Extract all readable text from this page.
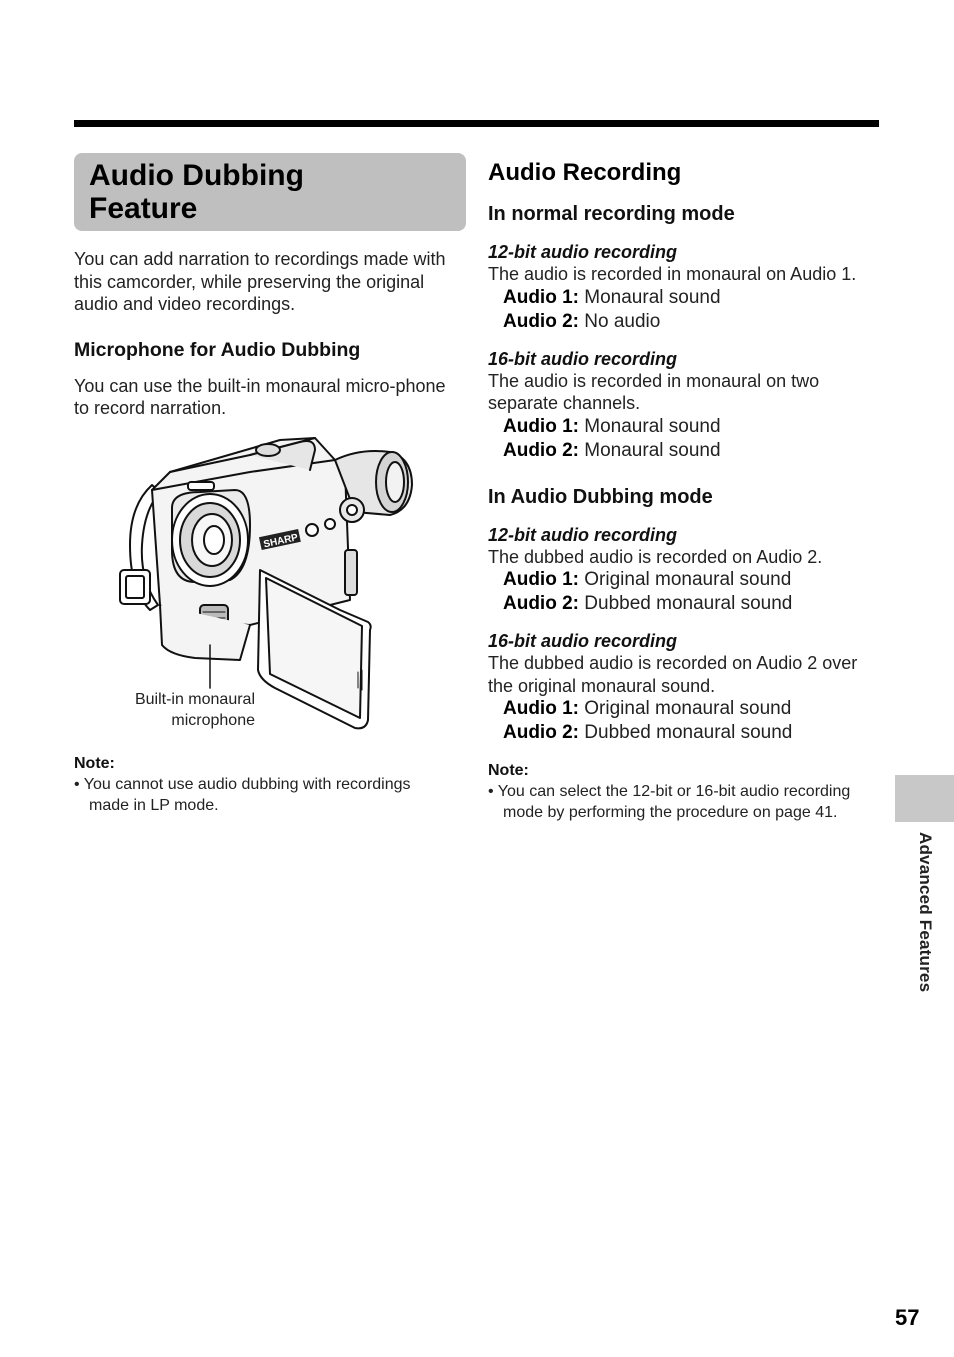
Audio Dubbing Feature

You can add narration to recordings made with this camcorder, while preserving the original audio and video recordings.

Microphone for Audio Dubbing

You can use the built-in monaural micro-phone to record narration.

SHARP
Built-in monaural
microphone

Note:

• You cannot use audio dubbing with recordings made in LP mode.

Audio Recording

In normal recording mode

12-bit audio recording

The audio is recorded in monaural on Audio 1.

Audio 1: Monaural sound

Audio 2: No audio

16-bit audio recording

The audio is recorded in monaural on two separate channels.

Audio 1: Monaural sound

Audio 2: Monaural sound

In Audio Dubbing mode

12-bit audio recording

The dubbed audio is recorded on Audio 2.

Audio 1: Original monaural sound

Audio 2: Dubbed monaural sound

16-bit audio recording

The dubbed audio is recorded on Audio 2 over the original monaural sound.

Audio 1: Original monaural sound

Audio 2: Dubbed monaural sound

Note:

• You can select the 12-bit or 16-bit audio recording mode by performing the procedure on page 41.

Advanced Features
57
